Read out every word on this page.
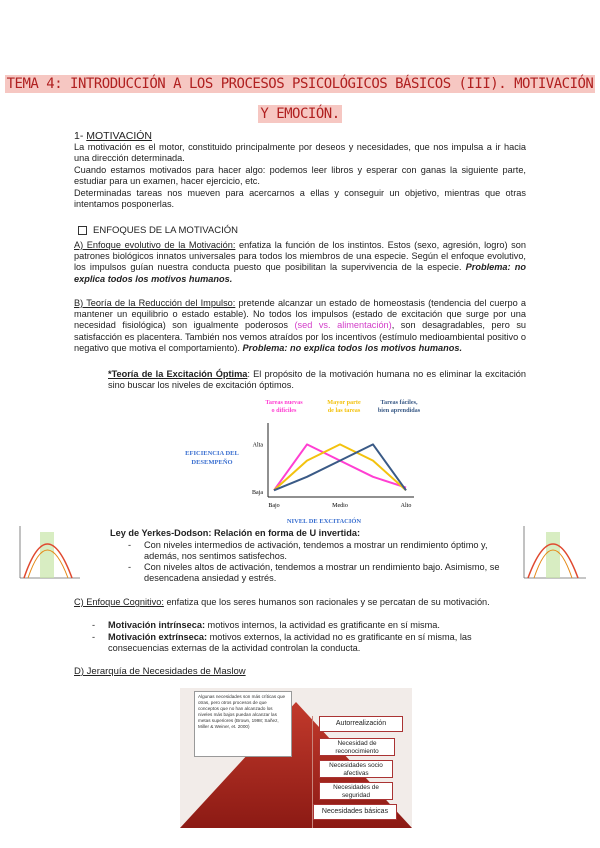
TEMA 4: INTRODUCCIÓN A LOS PROCESOS PSICOLÓGICOS BÁSICOS (III). MOTIVACIÓN
Y EMOCIÓN.
1- MOTIVACIÓN
La motivación es el motor, constituido principalmente por deseos y necesidades, que nos impulsa a ir hacia una dirección determinada.
Cuando estamos motivados para hacer algo: podemos leer libros y esperar con ganas la siguiente parte, estudiar para un examen, hacer ejercicio, etc.
Determinadas tareas nos mueven para acercarnos a ellas y conseguir un objetivo, mientras que otras intentamos posponerlas.
ENFOQUES DE LA MOTIVACIÓN
A) Enfoque evolutivo de la Motivación: enfatiza la función de los instintos. Estos (sexo, agresión, logro) son patrones biológicos innatos universales para todos los miembros de una especie. Según el enfoque evolutivo, los impulsos guían nuestra conducta puesto que posibilitan la supervivencia de la especie. Problema: no explica todos los motivos humanos.
B) Teoría de la Reducción del Impulso: pretende alcanzar un estado de homeostasis (tendencia del cuerpo a mantener un equilibrio o estado estable). No todos los impulsos (estado de excitación que surge por una necesidad fisiológica) son igualmente poderosos (sed vs. alimentación), son desagradables, pero su satisfacción es placentera. También nos vemos atraídos por los incentivos (estímulo medioambiental positivo o negativo que motiva el comportamiento). Problema: no explica todos los motivos humanos.
*Teoría de la Excitación Óptima: El propósito de la motivación humana no es eliminar la excitación sino buscar los niveles de excitación óptimos.
Tareas nuevas o difíciles
Mayor parte de las tareas
Tareas fáciles, bien aprendidas
EFICIENCIA DEL DESEMPEÑO
NIVEL DE EXCITACIÓN
Bajo	Medio	Alto
Baja
Alta
Ley de Yerkes-Dodson: Relación en forma de U invertida:
- Con niveles intermedios de activación, tendemos a mostrar un rendimiento óptimo y, además, nos sentimos satisfechos.
- Con niveles altos de activación, tendemos a mostrar un rendimiento bajo. Asimismo, se desencadena ansiedad y estrés.
C) Enfoque Cognitivo: enfatiza que los seres humanos son racionales y se percatan de su motivación.
- Motivación intrínseca: motivos internos, la actividad es gratificante en sí misma.
- Motivación extrínseca: motivos externos, la actividad no es gratificante en sí misma, las consecuencias externas de la actividad controlan la conducta.
D) Jerarquía de Necesidades de Maslow
Algunas necesidades son más críticas que otras, pero otros procesos de que conceptos que no han alcanzado los niveles más bajos puedan alcanzar las metas superiores (Brown, 1998; Sañez, Miller & Weiner, et. 2000)	Autorrealización
Necesidad de reconocimiento
Necesidades socio afectivas
Necesidades de seguridad
Necesidades básicas
